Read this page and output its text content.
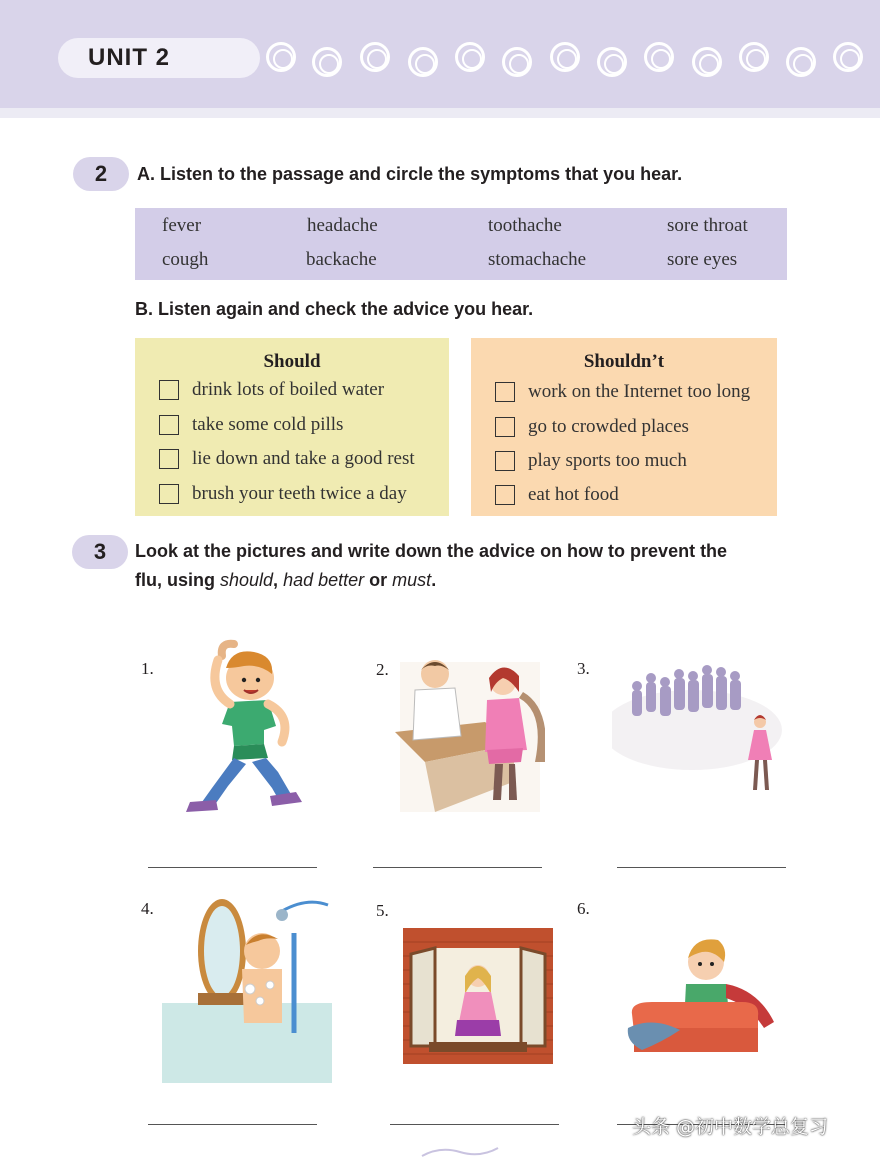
UNIT 2
2	A. Listen to the passage and circle the symptoms that you hear.
fever	headache	toothache	sore throat
cough	backache	stomachache	sore eyes
B. Listen again and check the advice you hear.
Should
drink lots of boiled water
take some cold pills
lie down and take a good rest
brush your teeth twice a day
Shouldn’t
work on the Internet too long
go to crowded places
play sports too much
eat hot food
3	Look at the pictures and write down the advice on how to prevent the
flu, using should, had better or must.
1.	2.	3.
4.	5.	6.
头条 @初中数学总复习
